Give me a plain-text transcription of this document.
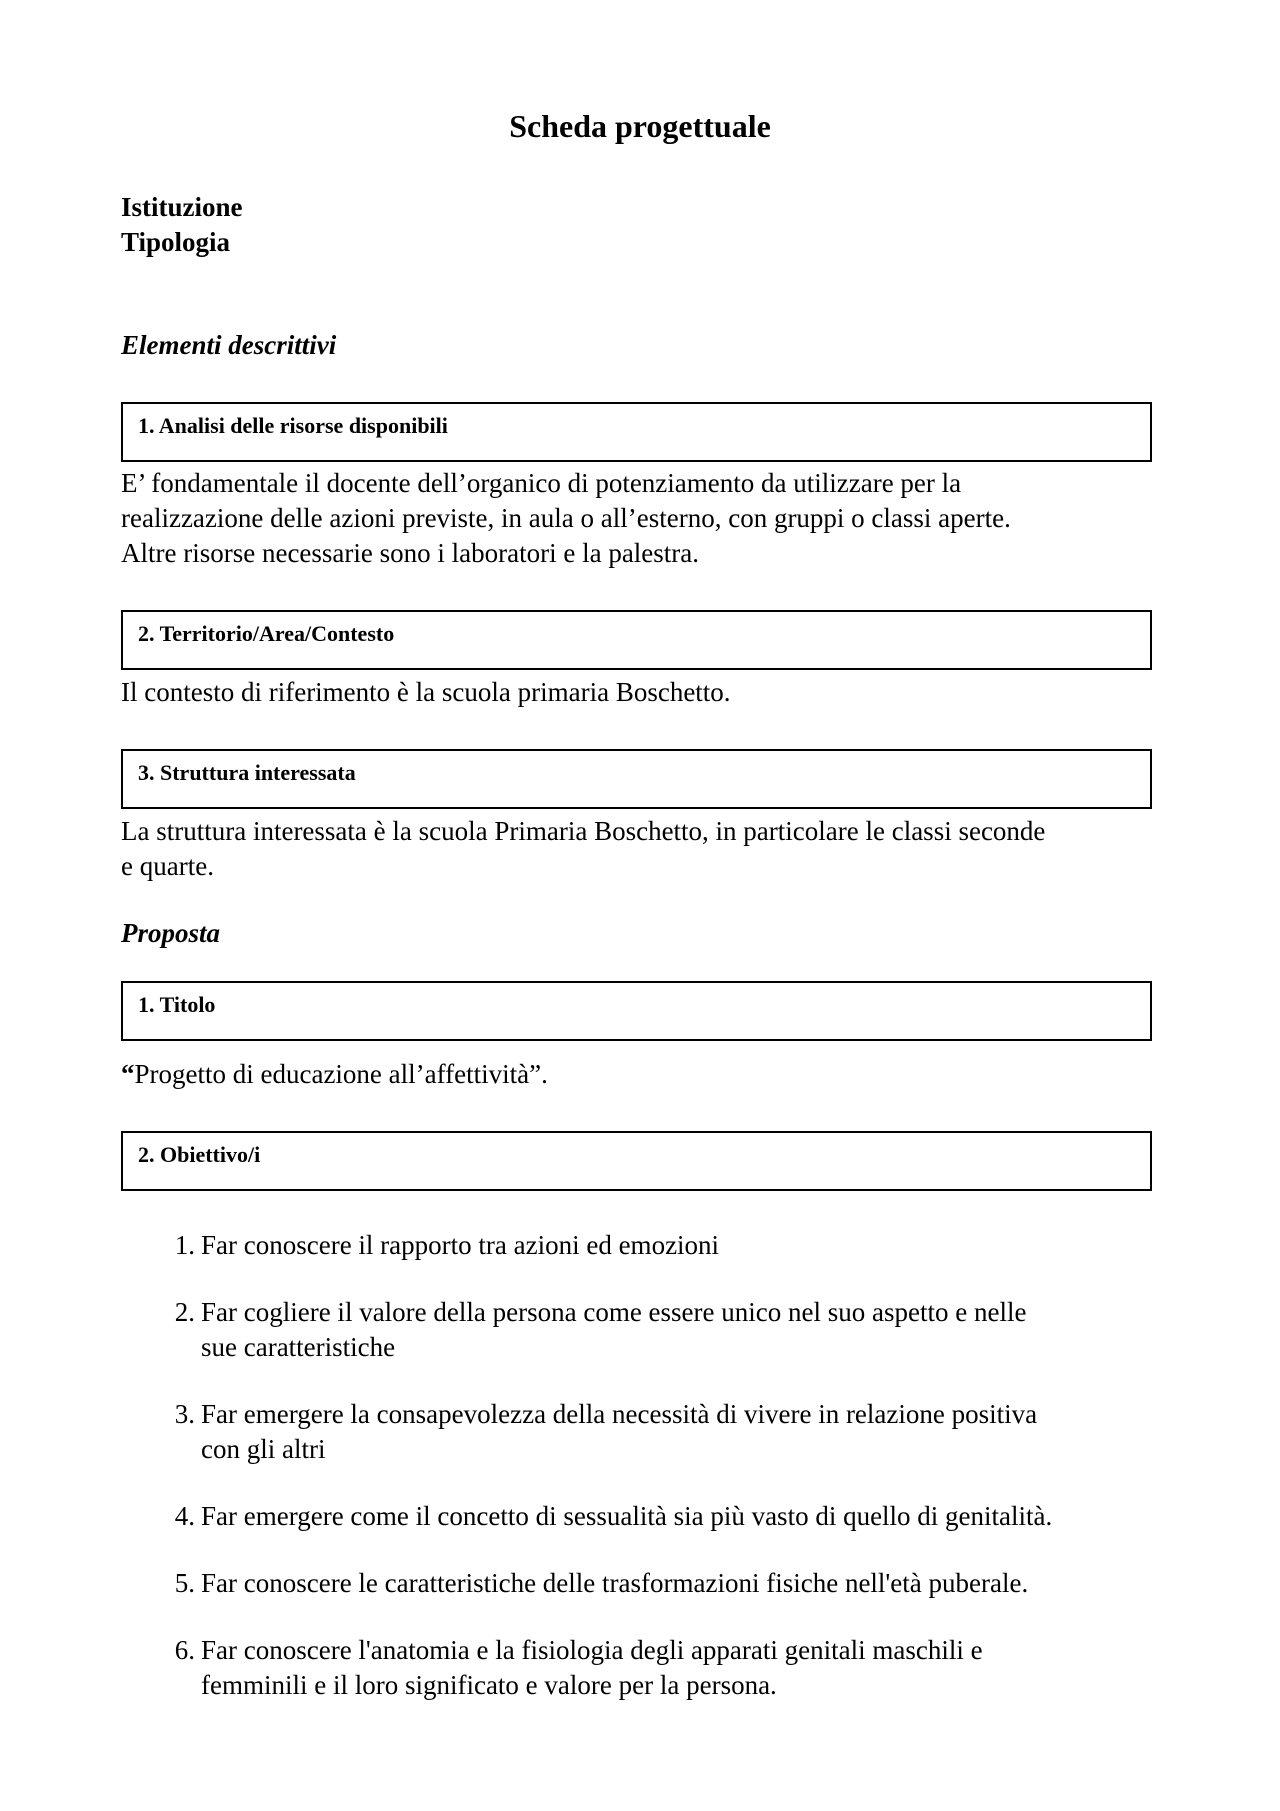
Scheda progettuale
Istituzione
Tipologia
Elementi descrittivi
1. Analisi delle risorse disponibili
E’ fondamentale il docente dell’organico di potenziamento da utilizzare per la
realizzazione delle azioni previste, in aula o all’esterno, con gruppi o classi aperte.
Altre risorse necessarie sono i laboratori e la palestra.
2. Territorio/Area/Contesto
Il contesto di riferimento è la scuola primaria Boschetto.
3. Struttura interessata
La struttura interessata è la scuola Primaria Boschetto, in particolare le classi seconde
e quarte.
Proposta
1. Titolo
“Progetto di educazione all’affettività”.
2. Obiettivo/i
1. Far conoscere il rapporto tra azioni ed emozioni
2. Far cogliere il valore della persona come essere unico nel suo aspetto e nelle
sue caratteristiche
3. Far emergere la consapevolezza della necessità di vivere in relazione positiva
con gli altri
4. Far emergere come il concetto di sessualità sia più vasto di quello di genitalità.
5. Far conoscere le caratteristiche delle trasformazioni fisiche nell'età puberale.
6. Far conoscere l'anatomia e la fisiologia degli apparati genitali maschili e
femminili e il loro significato e valore per la persona.
